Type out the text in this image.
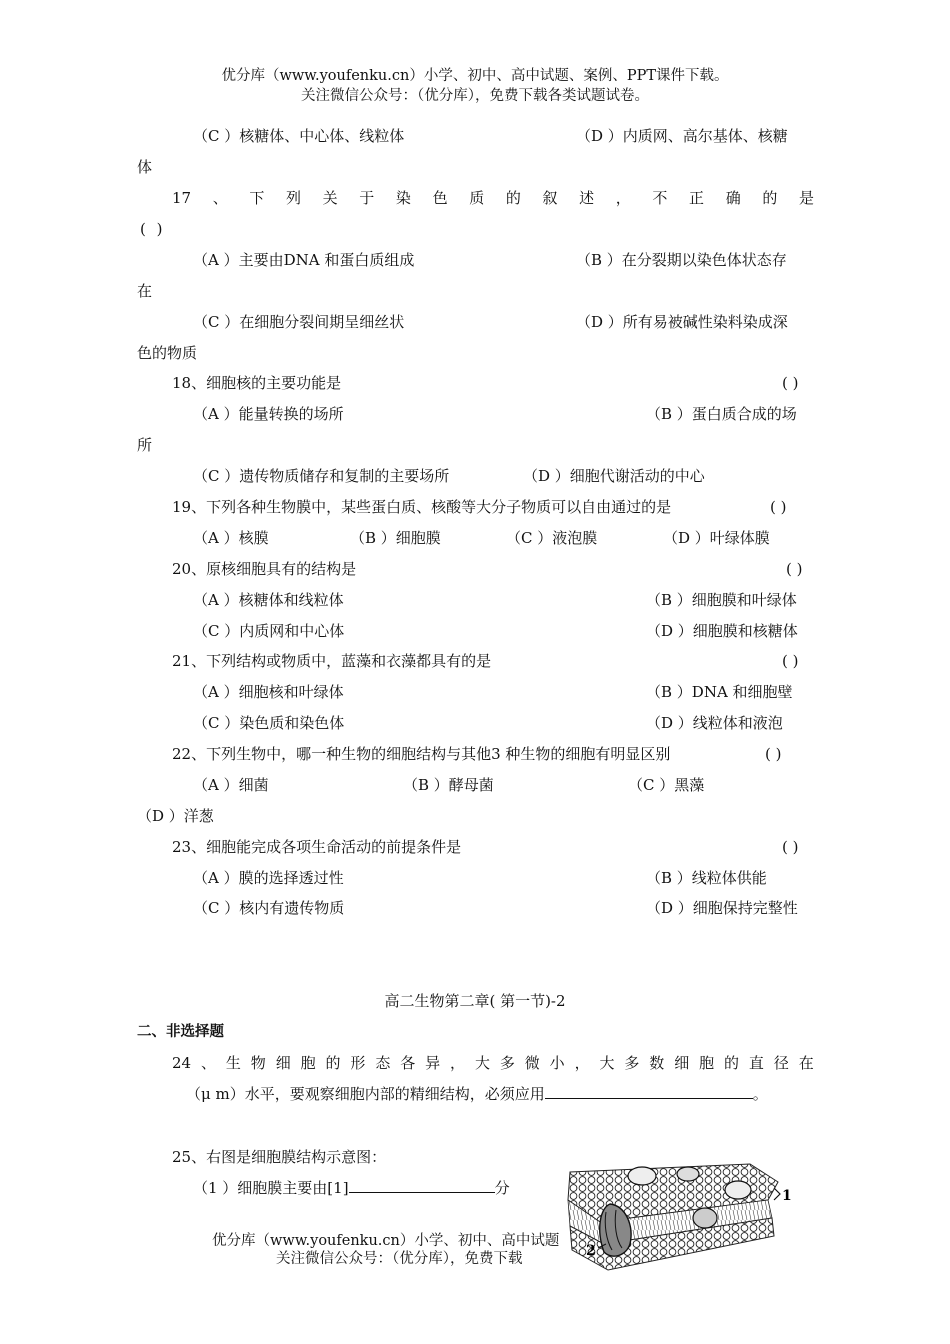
优分库（www.youfenku.cn）小学、初中、高中试题、案例、PPT课件下载。
关注微信公众号：（优分库），免费下载各类试题试卷。
（C ）核糖体、中心体、线粒体	（D ）内质网、高尔基体、核糖
体
17 、 下 列 关 于 染 色 质 的 叙 述 ， 不 正 确 的 是
( )
（A ）主要由DNA 和蛋白质组成	（B ）在分裂期以染色体状态存
在
（C ）在细胞分裂间期呈细丝状	（D ）所有易被碱性染料染成深
色的物质
18、细胞核的主要功能是	( )
（A ）能量转换的场所	（B ）蛋白质合成的场
所
（C ）遗传物质储存和复制的主要场所	（D ）细胞代谢活动的中心
19、下列各种生物膜中，某些蛋白质、核酸等大分子物质可以自由通过的是	( )
（A ）核膜	（B ）细胞膜	（C ）液泡膜	（D ）叶绿体膜
20、原核细胞具有的结构是	( )
（A ）核糖体和线粒体	（B ）细胞膜和叶绿体
（C ）内质网和中心体	（D ）细胞膜和核糖体
21、下列结构或物质中，蓝藻和衣藻都具有的是	( )
（A ）细胞核和叶绿体	（B ）DNA 和细胞壁
（C ）染色质和染色体	（D ）线粒体和液泡
22、下列生物中，哪一种生物的细胞结构与其他3 种生物的细胞有明显区别	( )
（A ）细菌	（B ）酵母菌	（C ）黑藻
（D ）洋葱
23、细胞能完成各项生命活动的前提条件是	( )
（A ）膜的选择透过性	（B ）线粒体供能
（C ）核内有遗传物质	（D ）细胞保持完整性
高二生物第二章( 第一节)-2
二、非选择题
24 、 生 物 细 胞 的 形 态 各 异 ， 大 多 微 小 ， 大 多 数 细 胞 的 直 径 在
（μ m）水平，要观察细胞内部的精细结构，必须应用	。
25、右图是细胞膜结构示意图：
（1 ）细胞膜主要由[1]	分	1
2
优分库（www.youfenku.cn）小学、初中、高中试题
关注微信公众号：（优分库），免费下载
